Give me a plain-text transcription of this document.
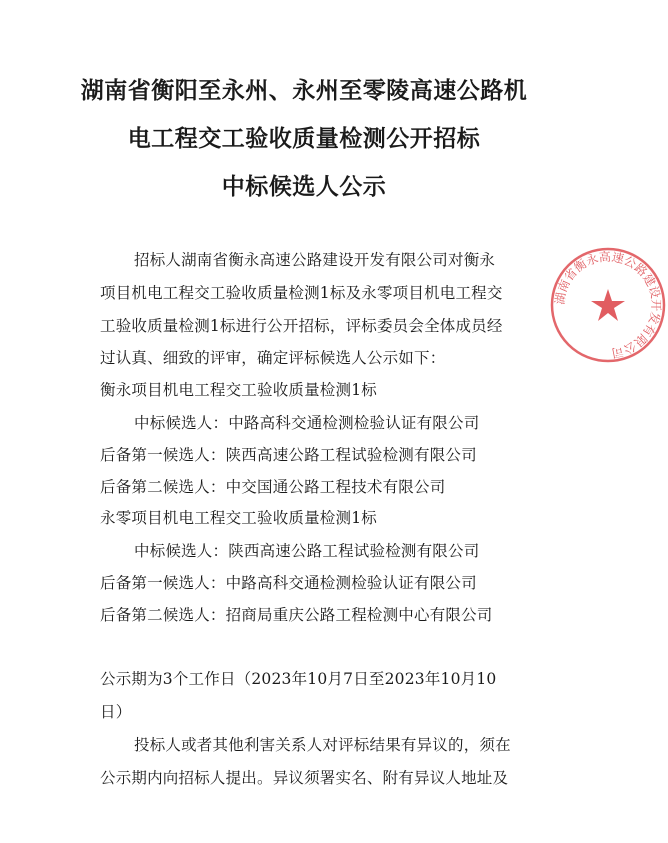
湖南省衡阳至永州、永州至零陵高速公路机
电工程交工验收质量检测公开招标
中标候选人公示
招标人湖南省衡永高速公路建设开发有限公司对衡永
项目机电工程交工验收质量检测1标及永零项目机电工程交
工验收质量检测1标进行公开招标，评标委员会全体成员经
过认真、细致的评审，确定评标候选人公示如下：
衡永项目机电工程交工验收质量检测1标
中标候选人：中路高科交通检测检验认证有限公司
后备第一候选人：陕西高速公路工程试验检测有限公司
后备第二候选人：中交国通公路工程技术有限公司
永零项目机电工程交工验收质量检测1标
中标候选人：陕西高速公路工程试验检测有限公司
后备第一候选人：中路高科交通检测检验认证有限公司
后备第二候选人：招商局重庆公路工程检测中心有限公司
公示期为3个工作日（2023年10月7日至2023年10月10
日）
投标人或者其他利害关系人对评标结果有异议的，须在
公示期内向招标人提出。异议须署实名、附有异议人地址及
湖南省衡永高速公路建设开发有限公司
